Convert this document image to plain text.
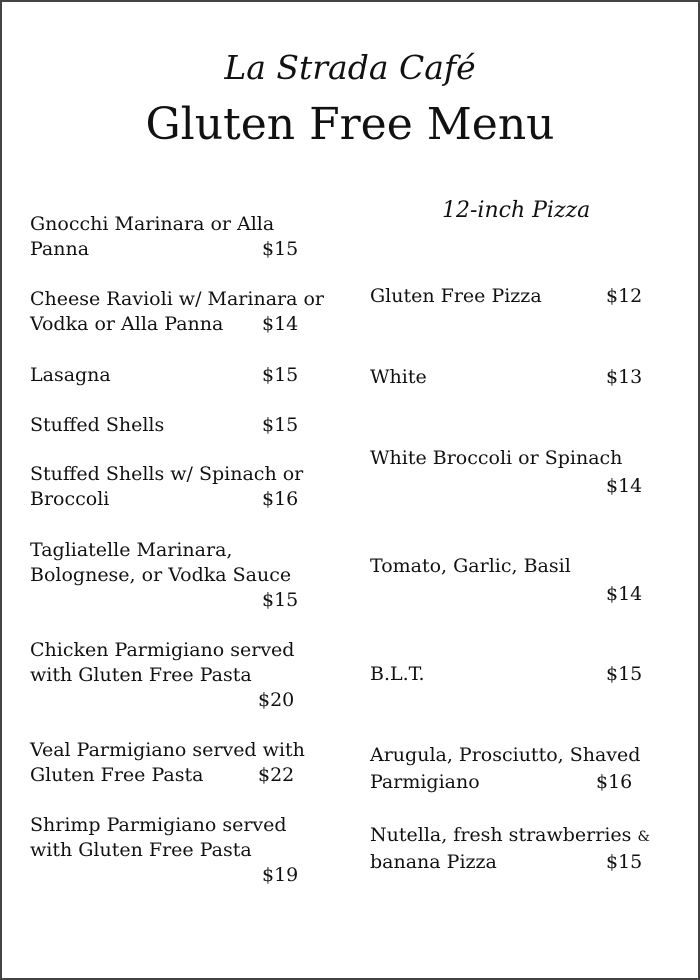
La Strada Café
Gluten Free Menu
12-inch Pizza
Gnocchi Marinara or Alla
Panna	$15
Cheese Ravioli w/ Marinara or
Vodka or Alla Panna $14
Lasagna	$15
Stuffed Shells	$15
Stuffed Shells w/ Spinach or
Broccoli	$16
Tagliatelle Marinara,
Bolognese, or Vodka Sauce
$15
Chicken Parmigiano served
with Gluten Free Pasta
$20
Veal Parmigiano served with
Gluten Free Pasta	$22
Shrimp Parmigiano served
with Gluten Free Pasta
$19
Gluten Free Pizza	$12
White	$13
White Broccoli or Spinach
$14
Tomato, Garlic, Basil
$14
B.L.T.	$15
Arugula, Prosciutto, Shaved
Parmigiano	$16
Nutella, fresh strawberries &
banana Pizza	$15
